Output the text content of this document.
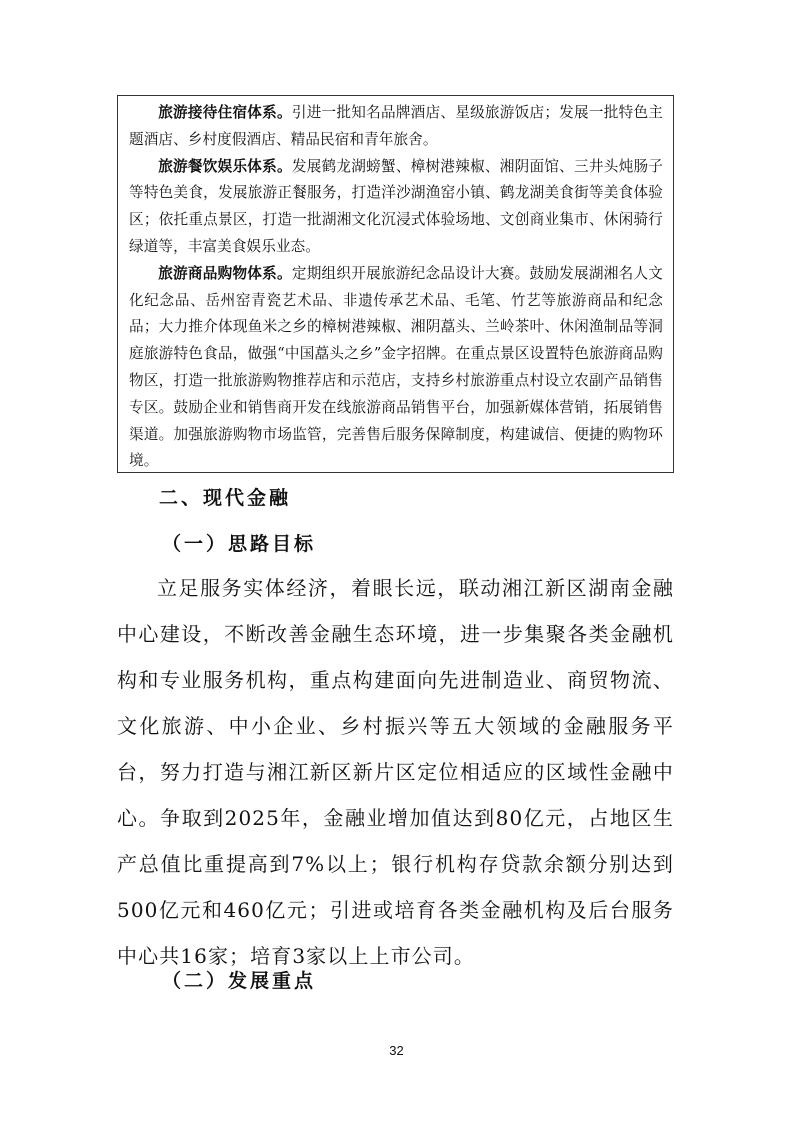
旅游接待住宿体系。引进一批知名品牌酒店、星级旅游饭店；发展一批特色主题酒店、乡村度假酒店、精品民宿和青年旅舍。

旅游餐饮娱乐体系。发展鹤龙湖螃蟹、樟树港辣椒、湘阴面馆、三井头炖肠子等特色美食，发展旅游正餐服务，打造洋沙湖渔窑小镇、鹤龙湖美食街等美食体验区；依托重点景区，打造一批湖湘文化沉浸式体验场地、文创商业集市、休闲骑行绿道等，丰富美食娱乐业态。

旅游商品购物体系。定期组织开展旅游纪念品设计大赛。鼓励发展湖湘名人文化纪念品、岳州窑青瓷艺术品、非遗传承艺术品、毛笔、竹艺等旅游商品和纪念品；大力推介体现鱼米之乡的樟树港辣椒、湘阴藠头、兰岭茶叶、休闲渔制品等洞庭旅游特色食品，做强“中国藠头之乡”金字招牌。在重点景区设置特色旅游商品购物区，打造一批旅游购物推荐店和示范店，支持乡村旅游重点村设立农副产品销售专区。鼓励企业和销售商开发在线旅游商品销售平台，加强新媒体营销，拓展销售渠道。加强旅游购物市场监管，完善售后服务保障制度，构建诚信、便捷的购物环境。

二、现代金融
（一）思路目标

立足服务实体经济，着眼长远，联动湘江新区湖南金融中心建设，不断改善金融生态环境，进一步集聚各类金融机构和专业服务机构，重点构建面向先进制造业、商贸物流、文化旅游、中小企业、乡村振兴等五大领域的金融服务平台，努力打造与湘江新区新片区定位相适应的区域性金融中心。争取到2025年，金融业增加值达到80亿元，占地区生产总值比重提高到7%以上；银行机构存贷款余额分别达到500亿元和460亿元；引进或培育各类金融机构及后台服务中心共16家；培育3家以上上市公司。

（二）发展重点
32
